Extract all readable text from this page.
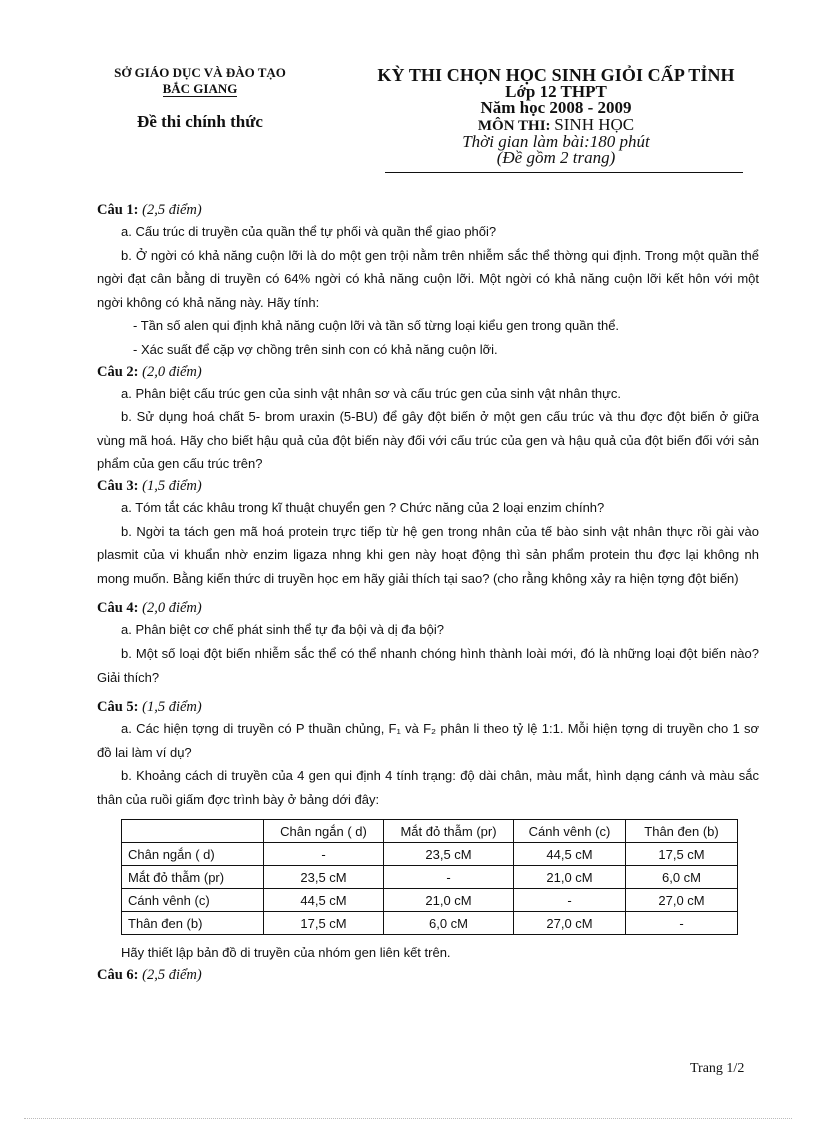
SỞ GIÁO DỤC VÀ ĐÀO TẠO
BẮC GIANG
Đề thi chính thức
KỲ THI CHỌN HỌC SINH GIỎI CẤP TỈNH
Lớp 12 THPT
Năm học 2008 - 2009
MÔN THI: SINH HỌC
Thời gian làm bài:180 phút
(Đề gồm 2 trang)
Câu 1: (2,5 điểm)

a. Cấu trúc di truyền của quần thể tự phối và quần thể giao phối?

b. Ở ngời có khả năng cuộn lỡi là do một gen trội nằm trên nhiễm sắc thể thờng qui định. Trong một quần thể ngời đạt cân bằng di truyền có 64% ngời có khả năng cuộn lỡi. Một ngời có khả năng cuộn lỡi kết hôn với một ngời không có khả năng này. Hãy tính:

- Tần số alen qui định khả năng cuộn lỡi và tần số từng loại kiểu gen trong quần thể.

- Xác suất để cặp vợ chồng trên sinh con có khả năng cuộn lỡi.

Câu 2: (2,0 điểm)

a. Phân biệt cấu trúc gen của sinh vật nhân sơ và cấu trúc gen của sinh vật nhân thực.

b. Sử dụng hoá chất 5- brom uraxin (5-BU) để gây đột biến ở một gen cấu trúc và thu đợc đột biến ở giữa vùng mã hoá. Hãy cho biết hậu quả của đột biến này đối với cấu trúc của gen và hậu quả của đột biến đối với sản phẩm của gen cấu trúc trên?

Câu 3: (1,5 điểm)

a. Tóm tắt các khâu trong kĩ thuật chuyển gen ? Chức năng của 2 loại enzim chính?

b. Ngời ta tách gen mã hoá protein trực tiếp từ hệ gen trong nhân của tế bào sinh vật nhân thực rồi gài vào plasmit của vi khuẩn nhờ enzim ligaza nhng khi gen này hoạt động thì sản phẩm protein thu đợc lại không nh mong muốn. Bằng kiến thức di truyền học em hãy giải thích tại sao? (cho rằng không xảy ra hiện tợng đột biến)

Câu 4: (2,0 điểm)

a. Phân biệt cơ chế phát sinh thể tự đa bội và dị đa bội?

b. Một số loại đột biến nhiễm sắc thể có thể nhanh chóng hình thành loài mới, đó là những loại đột biến nào? Giải thích?

Câu 5: (1,5 điểm)

a. Các hiện tợng di truyền có P thuần chủng, F₁ và F₂ phân li theo tỷ lệ 1:1. Mỗi hiện tợng di truyền cho 1 sơ đồ lai làm ví dụ?

b. Khoảng cách di truyền của 4 gen qui định 4 tính trạng: độ dài chân, màu mắt, hình dạng cánh và màu sắc thân của ruồi giấm đợc trình bày ở bảng dới đây:

	Chân ngắn ( d)	Mắt đỏ thẫm (pr)	Cánh vênh (c)	Thân đen (b)
Chân ngắn ( d)	-	23,5 cM	44,5 cM	17,5 cM
Mắt đỏ thẫm (pr)	23,5 cM	-	21,0 cM	6,0 cM
Cánh vênh (c)	44,5 cM	21,0 cM	-	27,0 cM
Thân đen (b)	17,5 cM	6,0 cM	27,0 cM	-

Hãy thiết lập bản đồ di truyền của nhóm gen liên kết trên.

Câu 6: (2,5 điểm)
Trang 1/2
